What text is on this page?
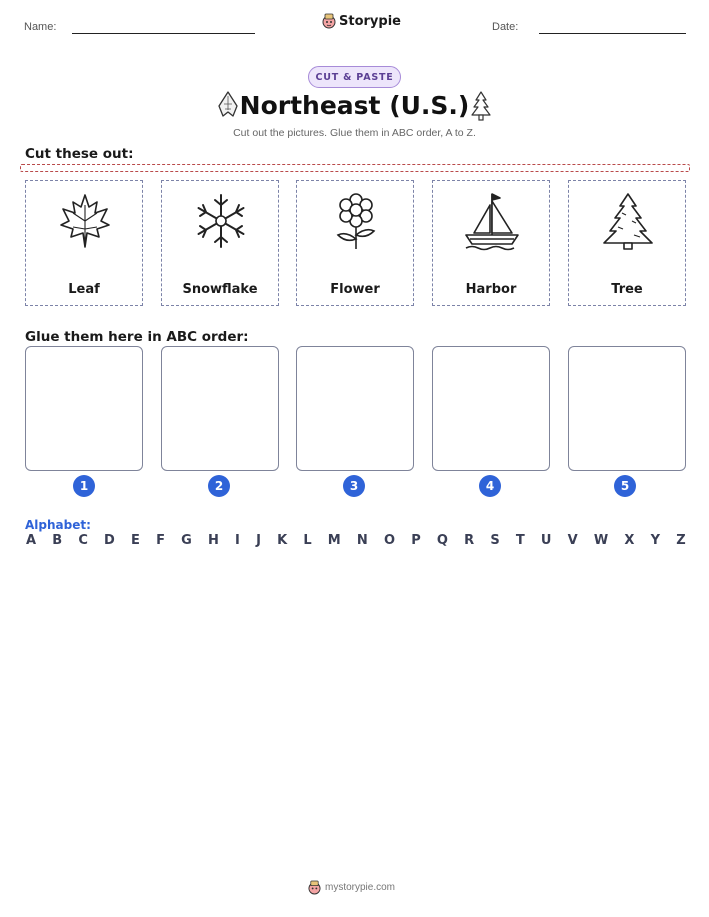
Name:	Storypie	Date:
CUT & PASTE
Northeast (U.S.)
Cut out the pictures. Glue them in ABC order, A to Z.
Cut these out:
Leaf	Snowflake	Flower	Harbor	Tree
Glue them here in ABC order:
1	2	3	4	5
Alphabet:
A B C D E F G H I J K L M N O P Q R S T U V W X Y Z
mystorypie.com
